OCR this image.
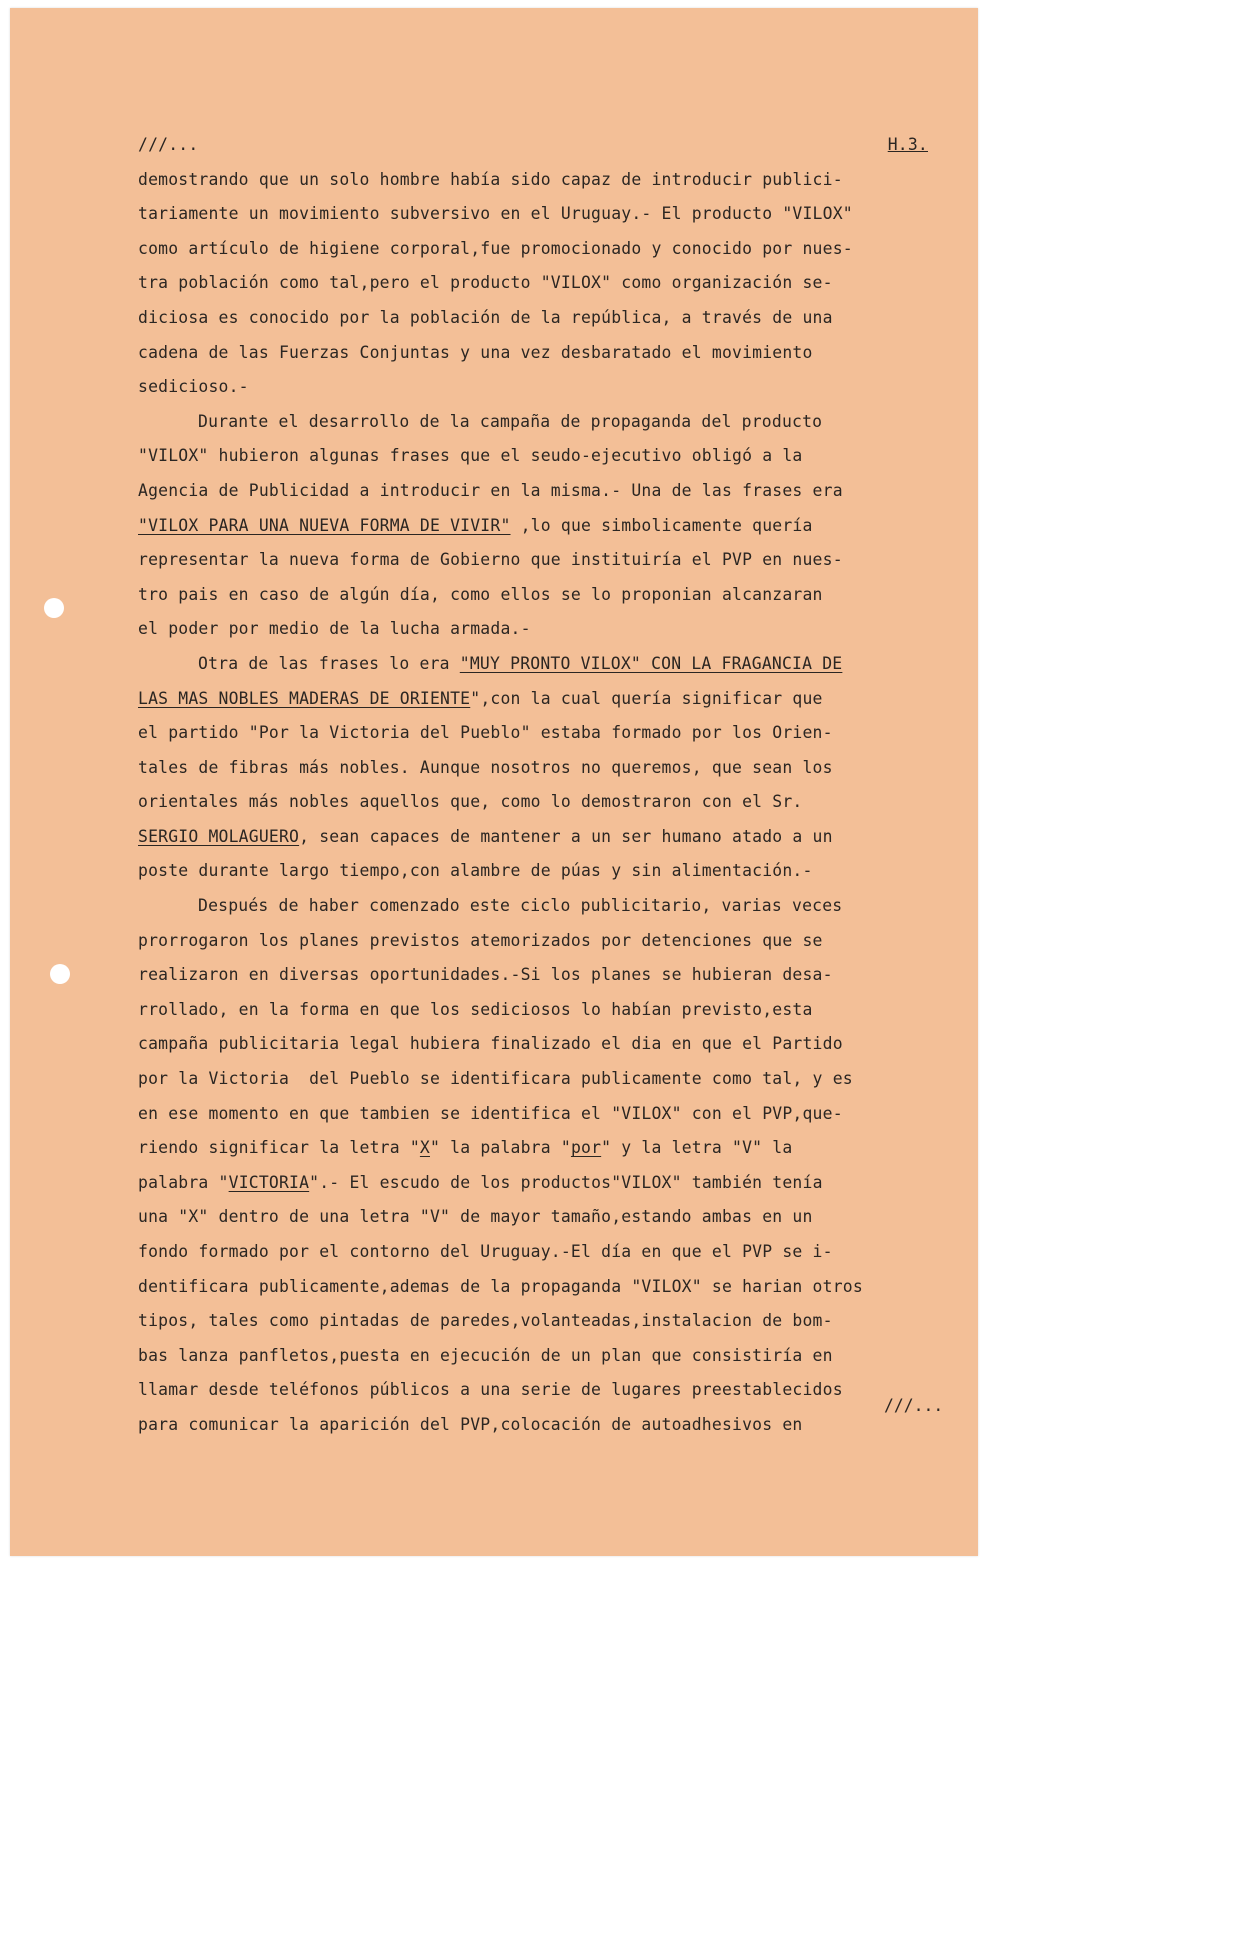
///...	H.3.
demostrando que un solo hombre había sido capaz de introducir publici-
tariamente un movimiento subversivo en el Uruguay.- El producto "VILOX"
como artículo de higiene corporal,fue promocionado y conocido por nues-
tra población como tal,pero el producto "VILOX" como organización se-
diciosa es conocido por la población de la república, a través de una
cadena de las Fuerzas Conjuntas y una vez desbaratado el movimiento
sedicioso.-
Durante el desarrollo de la campaña de propaganda del producto
"VILOX" hubieron algunas frases que el seudo-ejecutivo obligó a la
Agencia de Publicidad a introducir en la misma.- Una de las frases era
"VILOX PARA UNA NUEVA FORMA DE VIVIR" ,lo que simbolicamente quería
representar la nueva forma de Gobierno que instituiría el PVP en nues-
tro pais en caso de algún día, como ellos se lo proponian alcanzaran
el poder por medio de la lucha armada.-
Otra de las frases lo era "MUY PRONTO VILOX" CON LA FRAGANCIA DE
LAS MAS NOBLES MADERAS DE ORIENTE",con la cual quería significar que
el partido "Por la Victoria del Pueblo" estaba formado por los Orien-
tales de fibras más nobles. Aunque nosotros no queremos, que sean los
orientales más nobles aquellos que, como lo demostraron con el Sr.
SERGIO MOLAGUERO, sean capaces de mantener a un ser humano atado a un
poste durante largo tiempo,con alambre de púas y sin alimentación.-
Después de haber comenzado este ciclo publicitario, varias veces
prorrogaron los planes previstos atemorizados por detenciones que se
realizaron en diversas oportunidades.-Si los planes se hubieran desa-
rrollado, en la forma en que los sediciosos lo habían previsto,esta
campaña publicitaria legal hubiera finalizado el dia en que el Partido
por la Victoria  del Pueblo se identificara publicamente como tal, y es
en ese momento en que tambien se identifica el "VILOX" con el PVP,que-
riendo significar la letra "X" la palabra "por" y la letra "V" la
palabra "VICTORIA".- El escudo de los productos"VILOX" también tenía
una "X" dentro de una letra "V" de mayor tamaño,estando ambas en un
fondo formado por el contorno del Uruguay.-El día en que el PVP se i-
dentificara publicamente,ademas de la propaganda "VILOX" se harian otros
tipos, tales como pintadas de paredes,volanteadas,instalacion de bom-
bas lanza panfletos,puesta en ejecución de un plan que consistiría en
llamar desde teléfonos públicos a una serie de lugares preestablecidos
para comunicar la aparición del PVP,colocación de autoadhesivos en
///...
